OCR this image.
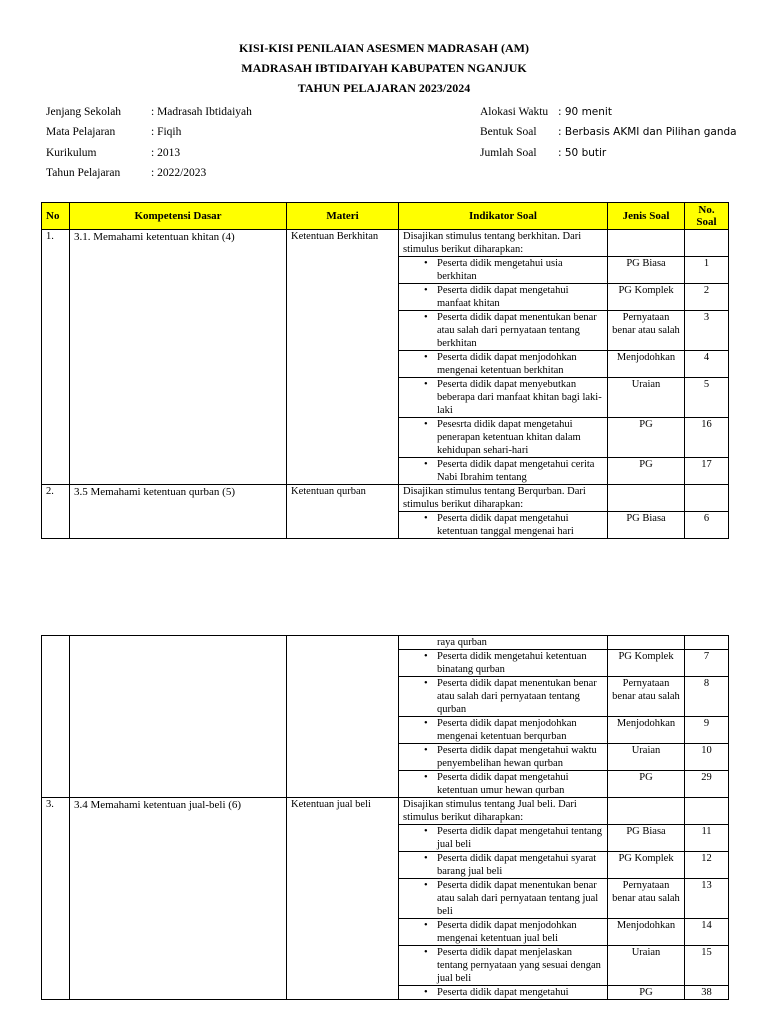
KISI-KISI PENILAIAN ASESMEN MADRASAH (AM)
MADRASAH IBTIDAIYAH KABUPATEN NGANJUK
TAHUN PELAJARAN 2023/2024
Jenjang Sekolah	: Madrasah Ibtidaiyah
Mata Pelajaran	: Fiqih
Kurikulum	: 2013
Tahun Pelajaran	: 2022/2023
Alokasi Waktu : 90 menit
Bentuk Soal	: Berbasis AKMI dan Pilihan ganda
Jumlah Soal	: 50 butir
No	Kompetensi Dasar	Materi	Indikator Soal	Jenis Soal	No. Soal
1.	3.1. Memahami ketentuan khitan (4)	Ketentuan Berkhitan	Disajikan stimulus tentang berkhitan. Dari stimulus berikut diharapkan:		
			• Peserta didik mengetahui usia berkhitan	PG Biasa	1
			• Peserta didik dapat mengetahui manfaat khitan	PG Komplek	2
			• Peserta didik dapat menentukan benar atau salah dari pernyataan tentang berkhitan	Pernyataan benar atau salah	3
			• Peserta didik dapat menjodohkan mengenai ketentuan berkhitan	Menjodohkan	4
			• Peserta didik dapat menyebutkan beberapa dari manfaat khitan bagi laki-laki	Uraian	5
			• Pesesrta didik dapat mengetahui penerapan ketentuan khitan dalam kehidupan sehari-hari	PG	16
			• Peserta didik dapat mengetahui cerita Nabi Ibrahim tentang	PG	17
2.	3.5 Memahami ketentuan qurban (5)	Ketentuan qurban	Disajikan stimulus tentang Berqurban. Dari stimulus berikut diharapkan:		
			• Peserta didik dapat mengetahui ketentuan tanggal mengenai hari	PG Biasa	6
			raya qurban		
			• Peserta didik mengetahui ketentuan binatang qurban	PG Komplek	7
			• Peserta didik dapat menentukan benar atau salah dari pernyataan tentang qurban	Pernyataan benar atau salah	8
			• Peserta didik dapat menjodohkan mengenai ketentuan berqurban	Menjodohkan	9
			• Peserta didik dapat mengetahui waktu penyembelihan hewan qurban	Uraian	10
			• Peserta didik dapat mengetahui ketentuan umur hewan qurban	PG	29
3.	3.4 Memahami ketentuan jual-beli (6)	Ketentuan jual beli	Disajikan stimulus tentang Jual beli. Dari stimulus berikut diharapkan:		
			• Peserta didik dapat mengetahui tentang jual beli	PG Biasa	11
			• Peserta didik dapat mengetahui syarat barang jual beli	PG Komplek	12
			• Peserta didik dapat menentukan benar atau salah dari pernyataan tentang jual beli	Pernyataan benar atau salah	13
			• Peserta didik dapat menjodohkan mengenai ketentuan jual beli	Menjodohkan	14
			• Peserta didik dapat menjelaskan tentang pernyataan yang sesuai dengan jual beli	Uraian	15
			• Peserta didik dapat mengetahui	PG	38
